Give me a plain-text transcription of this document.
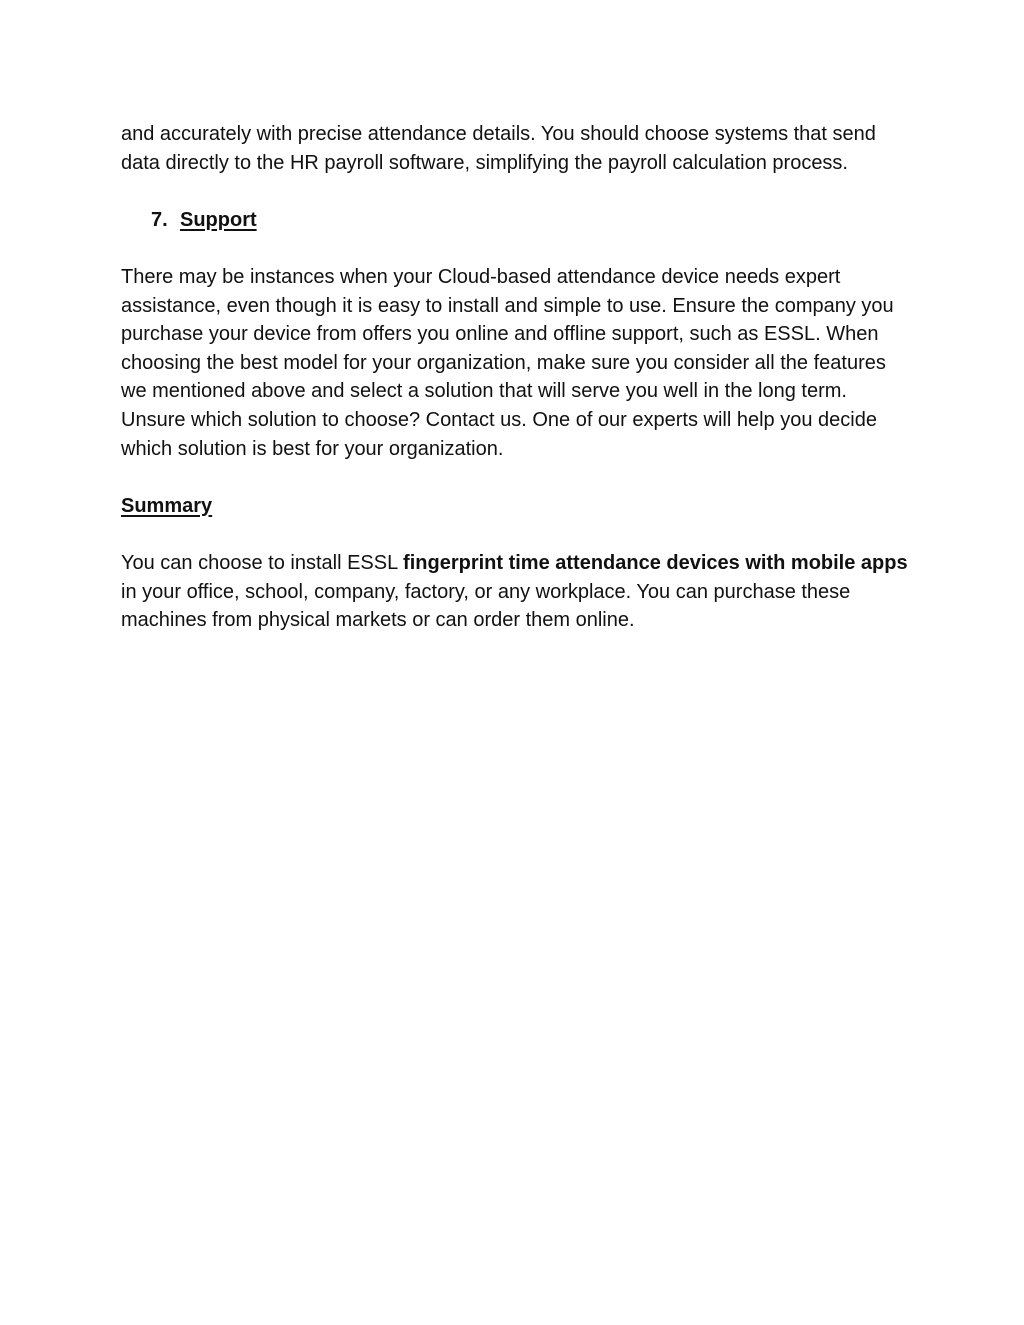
and accurately with precise attendance details. You should choose systems that send data directly to the HR payroll software, simplifying the payroll calculation process.

7. Support

There may be instances when your Cloud-based attendance device needs expert assistance, even though it is easy to install and simple to use. Ensure the company you purchase your device from offers you online and offline support, such as ESSL. When choosing the best model for your organization, make sure you consider all the features we mentioned above and select a solution that will serve you well in the long term. Unsure which solution to choose? Contact us. One of our experts will help you decide which solution is best for your organization.

Summary

You can choose to install ESSL fingerprint time attendance devices with mobile apps in your office, school, company, factory, or any workplace. You can purchase these machines from physical markets or can order them online.
